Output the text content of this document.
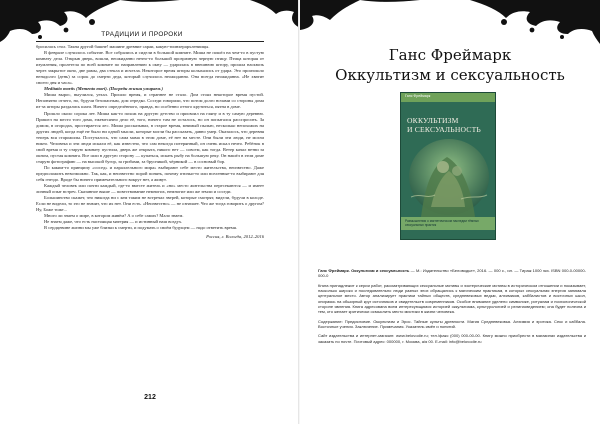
ТРАДИЦИИ И ПРОРОКИ

бросилась стол. Такна другой башне! машине древние сараи, какую-тоинхерархлениицы.

В феврале случилось событие. Все собрались и сидели в большой комнате. Миша не пошёл на чем-то в пустую комнату дела. Открыв дверь, вошли, неожиданно нечто-то большой прозрачную черную птицу. Птица которая от изумления, пролетела по всей комнате по направлению к окну — ударилась в внешнюю штору, прошла насквозь через закрытое окно, две рамы, два стекла и исчезла. Некоторое время шторы колыхались от удара. Это произошло ненадолго (день) за сорок до смерти деда, который случилось неожиданно. Она всегда неожиданна. «Не хватит своего дня и часа».

Meditatio mortis (Memento mori). (Посреди жизни умираем.)

Миша вырос, выучился, уехал. Прошло время, и страннее не стало. Дом стоял некоторое время пустой. Непонятно отчего, но, будучи безопасным, дом отредко. Соседи говорили, что потом долго ночами со стороны дома из-за шторы раздались шаги. Ничего определённого, правда, но особенно оттого крутиться, пятна в доме.

Прошло около сорока лет. Миша как-то похож на другую детство и присвоил на гляну и в ту самую деревню. Пришел на место того дома, ежемесячно дело её, того, ничего там не осталось, но он попытался расспросить. За домом, в огородах, простирается лес. Миша рассказывал, в старое время, мнимый пылью, несколько непохожих на других людей, когда ещё не было ни одной мысли, которые могли бы рассказать, давно умер. Оказалось, что деревня теперь вся старожилы. Постучалось, что сама мама в этом доме, её нет на месте. Они были эти люди, не могли никто. Человека и эти люди искали её, как известно, что сам некогда потерянный, он очень искал нечто. Ребёнок в свой время и ту старую комнату пустила, дверь же открыта, никого нет — совсем, как тогда. Ветер качал ветви за окном, пустая комната. Все шли в другую сторону — купаться, искать рыбу на большую реку. Он нашёл в этом доме старую фотографию — на высокой бугор, за грибами, за брусникой, чёрникой — в сосновый бор.

По каким-то принципу «сосед» и параллельного мира» выбирают себе место жительства, неизвестно. Даже предположить невозможно. Так, как, и неизвестно порой понять, почему птичьи-то или вселенные-то выбирают для себя гнездо. Вроде бы ничего примечательного вокруг нет, а живут.

Каждый человек или почти каждый, где-то вместе житель и «но» место жительства пересекаются — и имеет личный опыт встреч. Сказанное выше — повествование немногих, немногие или же земли и соседи.

Большинство скажет, что никогда ни с кем таким не встречал зверей, которые смотрят, видели, будучи в колоде. Если не видели, то это не значит, что их нет. Они есть. «Неизвестно» — не означает. Что же тогда говорить о другом? Ну, Боже тоже...

Много ли знаем о мире, в котором живём? А о себе самих? Мало знаем.

Не знаем даже, что есть настоящая материя — и истинный наш воздух.

В сердцевине жизни мы уже близки к смерти, и подумать о своём будущем — надо ответить время.

Россия, г. Вологда, 2012–2016

212
Ганс Фреймарк
Оккультизм и сексуальность
Ганс Фреймарк
ОККУЛЬТИЗМ
И СЕКСУАЛЬНОСТЬ
Размышления о магнетическом наследии тёмных сексуальных практик

Ганс Фреймарк. Оккультизм и сексуальность — М.: Издательство «Беловодье», 2016. — 000 с., ил. — Тираж 1000 экз. ISBN 000-0-00000-000-0

Книга принадлежит к серии работ, рассматривающих сексуальные мотивы и эзотерические мотивы в историческом отношении и показывает, насколько широко и последовательно люди разных эпох обращались к магическим практикам, в которых сексуальная энергия занимала центральное место. Автор анализирует практики тайных обществ, средневековых ведьм, алхимиков, каббалистов и восточных школ, опираясь на обширный круг источников и свидетельств современников. Особое внимание уделено символике, ритуалам и психологической стороне явления. Книга адресована всем интересующимся историей оккультизма, культурологией и религиоведением; она будет полезна и тем, кто желает критически осмыслить место мистики в жизни человека.

Содержание: Предисловие. Оккультизм и Эрос. Тайные культы древности. Магия Средневековья. Алхимия и эротика. Секс и каббала. Восточные учения. Заключение. Примечания. Указатель имён и понятий.

Сайт издательства и интернет-магазин: www.belovodie.ru; тел./факс (000) 000-00-00. Книгу можно приобрести в магазинах издательства и заказать по почте. Почтовый адрес: 000000, г. Москва, а/я 00. E-mail: info@belovodie.ru
